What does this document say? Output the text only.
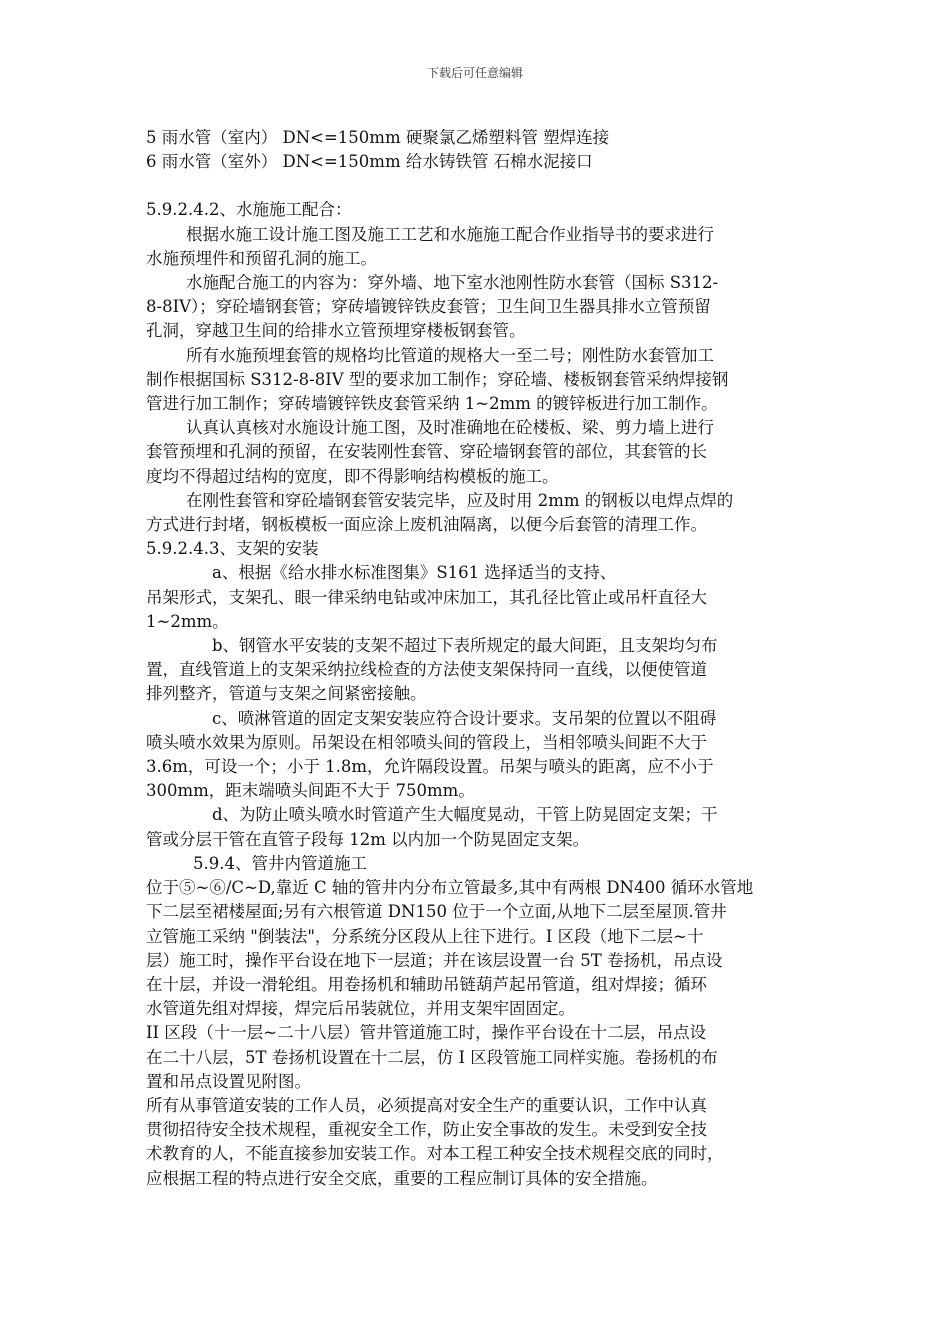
下载后可任意编辑

5 雨水管（室内） DN<=150mm 硬聚氯乙烯塑料管 塑焊连接

6 雨水管（室外） DN<=150mm 给水铸铁管 石棉水泥接口

5.9.2.4.2、水施施工配合：

根据水施工设计施工图及施工工艺和水施施工配合作业指导书的要求进行

水施预埋件和预留孔洞的施工。

水施配合施工的内容为：穿外墙、地下室水池刚性防水套管（国标 S312-

8-8IV）；穿砼墙钢套管；穿砖墙镀锌铁皮套管；卫生间卫生器具排水立管预留

孔洞，穿越卫生间的给排水立管预埋穿楼板钢套管。

所有水施预埋套管的规格均比管道的规格大一至二号；刚性防水套管加工

制作根据国标 S312-8-8IV 型的要求加工制作；穿砼墙、楼板钢套管采纳焊接钢

管进行加工制作；穿砖墙镀锌铁皮套管采纳 1~2mm 的镀锌板进行加工制作。

认真认真核对水施设计施工图，及时准确地在砼楼板、梁、剪力墙上进行

套管预埋和孔洞的预留，在安装刚性套管、穿砼墙钢套管的部位，其套管的长

度均不得超过结构的宽度，即不得影响结构模板的施工。

在刚性套管和穿砼墙钢套管安装完毕，应及时用 2mm 的钢板以电焊点焊的

方式进行封堵，钢板模板一面应涂上废机油隔离，以便今后套管的清理工作。

5.9.2.4.3、支架的安装

a、根据《给水排水标准图集》S161 选择适当的支持、

吊架形式，支架孔、眼一律采纳电钻或冲床加工，其孔径比管止或吊杆直径大

1~2mm。

b、钢管水平安装的支架不超过下表所规定的最大间距，且支架均匀布

置，直线管道上的支架采纳拉线检查的方法使支架保持同一直线，以便使管道

排列整齐，管道与支架之间紧密接触。

c、喷淋管道的固定支架安装应符合设计要求。支吊架的位置以不阻碍

喷头喷水效果为原则。吊架设在相邻喷头间的管段上，当相邻喷头间距不大于

3.6m，可设一个；小于 1.8m，允许隔段设置。吊架与喷头的距离，应不小于

300mm，距末端喷头间距不大于 750mm。

d、为防止喷头喷水时管道产生大幅度晃动，干管上防晃固定支架；干

管或分层干管在直管子段每 12m 以内加一个防晃固定支架。

5.9.4、管井内管道施工

位于⑤~⑥/C~D,靠近 C 轴的管井内分布立管最多,其中有两根 DN400 循环水管地

下二层至裙楼屋面;另有六根管道 DN150 位于一个立面,从地下二层至屋顶.管井

立管施工采纳 "倒装法"，分系统分区段从上往下进行。I 区段（地下二层~十

层）施工时，操作平台设在地下一层道；并在该层设置一台 5T 卷扬机，吊点设

在十层，并设一滑轮组。用卷扬机和辅助吊链葫芦起吊管道，组对焊接；循环

水管道先组对焊接，焊完后吊装就位，并用支架牢固固定。

II 区段（十一层~二十八层）管井管道施工时，操作平台设在十二层，吊点设

在二十八层，5T 卷扬机设置在十二层，仿 I 区段管施工同样实施。卷扬机的布

置和吊点设置见附图。

所有从事管道安装的工作人员，必须提高对安全生产的重要认识，工作中认真

贯彻招待安全技术规程，重视安全工作，防止安全事故的发生。未受到安全技

术教育的人，不能直接参加安装工作。对本工程工种安全技术规程交底的同时，

应根据工程的特点进行安全交底，重要的工程应制订具体的安全措施。
